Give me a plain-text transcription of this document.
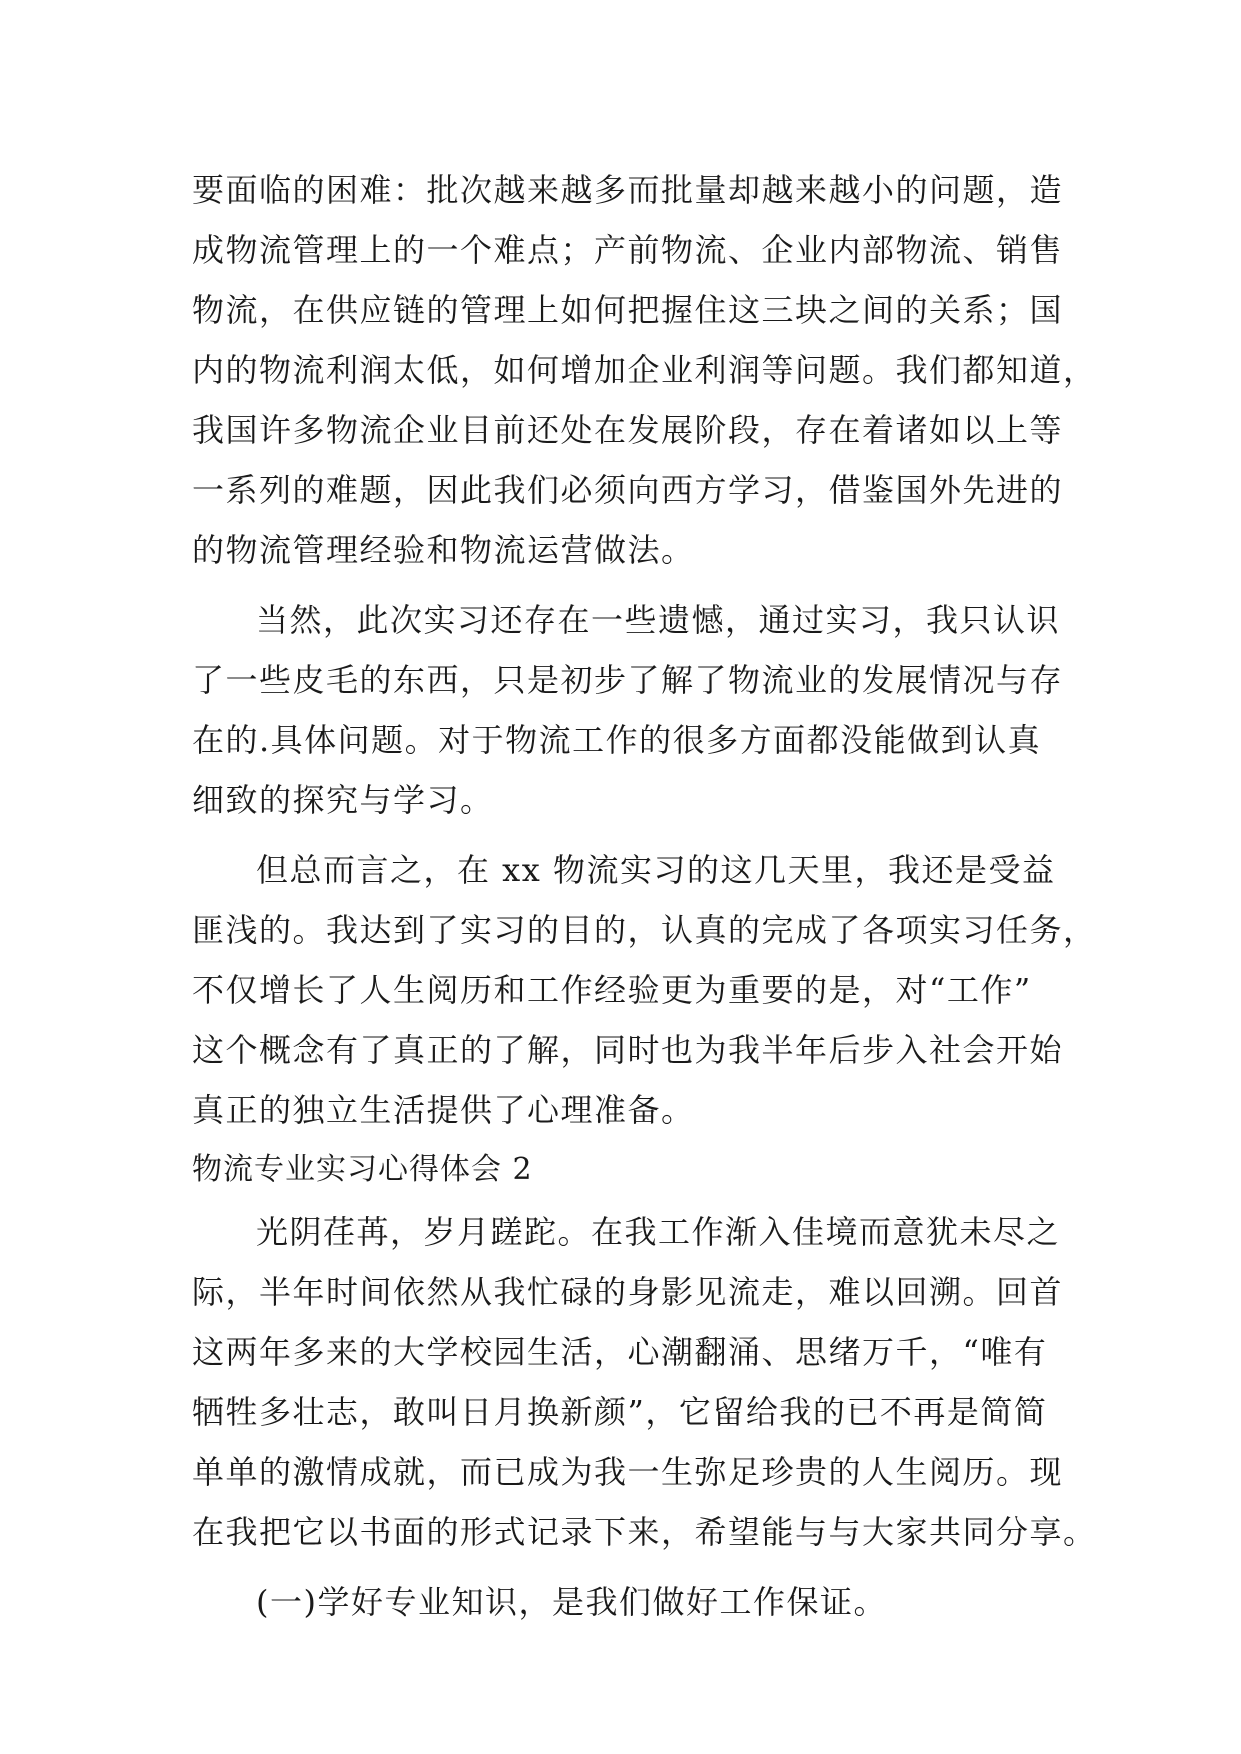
要面临的困难：批次越来越多而批量却越来越小的问题，造
成物流管理上的一个难点；产前物流、企业内部物流、销售
物流，在供应链的管理上如何把握住这三块之间的关系；国
内的物流利润太低，如何增加企业利润等问题。我们都知道，
我国许多物流企业目前还处在发展阶段，存在着诸如以上等
一系列的难题，因此我们必须向西方学习，借鉴国外先进的
的物流管理经验和物流运营做法。
当然，此次实习还存在一些遗憾，通过实习，我只认识
了一些皮毛的东西，只是初步了解了物流业的发展情况与存
在的.具体问题。对于物流工作的很多方面都没能做到认真
细致的探究与学习。
但总而言之，在 xx 物流实习的这几天里，我还是受益
匪浅的。我达到了实习的目的，认真的完成了各项实习任务，
不仅增长了人生阅历和工作经验更为重要的是，对“工作”
这个概念有了真正的了解，同时也为我半年后步入社会开始
真正的独立生活提供了心理准备。
物流专业实习心得体会 2
光阴荏苒，岁月蹉跎。在我工作渐入佳境而意犹未尽之
际，半年时间依然从我忙碌的身影见流走，难以回溯。回首
这两年多来的大学校园生活，心潮翻涌、思绪万千，“唯有
牺牲多壮志，敢叫日月换新颜”，它留给我的已不再是简简
单单的激情成就，而已成为我一生弥足珍贵的人生阅历。现
在我把它以书面的形式记录下来，希望能与与大家共同分享。
(一)学好专业知识，是我们做好工作保证。
